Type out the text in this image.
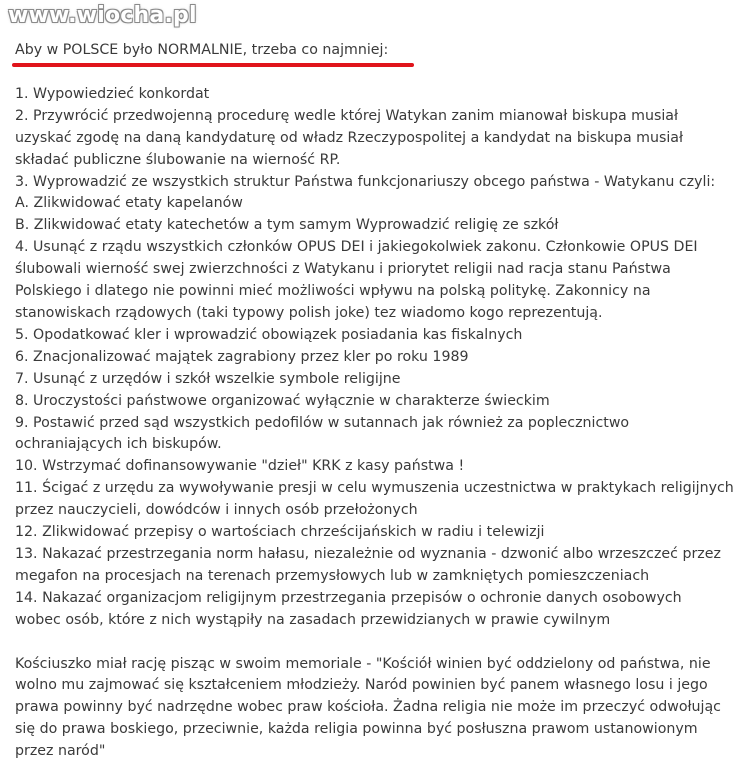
www.wiocha.pl
Aby w POLSCE było NORMALNIE, trzeba co najmniej:
1. Wypowiedzieć konkordat
2. Przywrócić przedwojenną procedurę wedle której Watykan zanim mianował biskupa musiał
uzyskać zgodę na daną kandydaturę od władz Rzeczypospolitej a kandydat na biskupa musiał
składać publiczne ślubowanie na wierność RP.
3. Wyprowadzić ze wszystkich struktur Państwa funkcjonariuszy obcego państwa - Watykanu czyli:
A. Zlikwidować etaty kapelanów
B. Zlikwidować etaty katechetów a tym samym Wyprowadzić religię ze szkół
4. Usunąć z rządu wszystkich członków OPUS DEI i jakiegokolwiek zakonu. Członkowie OPUS DEI
ślubowali wierność swej zwierzchności z Watykanu i priorytet religii nad racja stanu Państwa
Polskiego i dlatego nie powinni mieć możliwości wpływu na polską politykę. Zakonnicy na
stanowiskach rządowych (taki typowy polish joke) tez wiadomo kogo reprezentują.
5. Opodatkować kler i wprowadzić obowiązek posiadania kas fiskalnych
6. Znacjonalizować majątek zagrabiony przez kler po roku 1989
7. Usunąć z urzędów i szkół wszelkie symbole religijne
8. Uroczystości państwowe organizować wyłącznie w charakterze świeckim
9. Postawić przed sąd wszystkich pedofilów w sutannach jak również za poplecznictwo
ochraniających ich biskupów.
10. Wstrzymać dofinansowywanie "dzieł" KRK z kasy państwa !
11. Ścigać z urzędu za wywoływanie presji w celu wymuszenia uczestnictwa w praktykach religijnych
przez nauczycieli, dowódców i innych osób przełożonych
12. Zlikwidować przepisy o wartościach chrześcijańskich w radiu i telewizji
13. Nakazać przestrzegania norm hałasu, niezależnie od wyznania - dzwonić albo wrzeszczeć przez
megafon na procesjach na terenach przemysłowych lub w zamkniętych pomieszczeniach
14. Nakazać organizacjom religijnym przestrzegania przepisów o ochronie danych osobowych
wobec osób, które z nich wystąpiły na zasadach przewidzianych w prawie cywilnym
Kościuszko miał rację pisząc w swoim memoriale - "Kościół winien być oddzielony od państwa, nie
wolno mu zajmować się kształceniem młodzieży. Naród powinien być panem własnego losu i jego
prawa powinny być nadrzędne wobec praw kościoła. Żadna religia nie może im przeczyć odwołując
się do prawa boskiego, przeciwnie, każda religia powinna być posłuszna prawom ustanowionym
przez naród"
